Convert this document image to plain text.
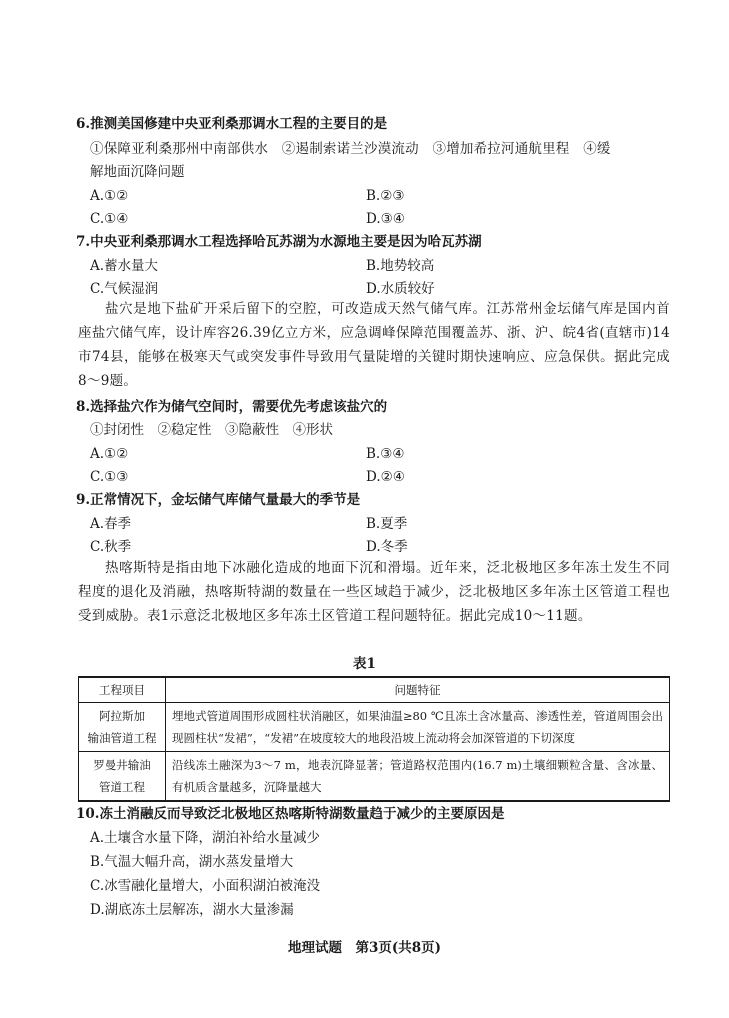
6.推测美国修建中央亚利桑那调水工程的主要目的是
①保障亚利桑那州中南部供水　②遏制索诺兰沙漠流动　③增加希拉河通航里程　④缓
解地面沉降问题
A.①②	B.②③
C.①④	D.③④
7.中央亚利桑那调水工程选择哈瓦苏湖为水源地主要是因为哈瓦苏湖
A.蓄水量大	B.地势较高
C.气候湿润	D.水质较好
盐穴是地下盐矿开采后留下的空腔，可改造成天然气储气库。江苏常州金坛储气库是国内首座盐穴储气库，设计库容26.39亿立方米，应急调峰保障范围覆盖苏、浙、沪、皖4省(直辖市)14市74县，能够在极寒天气或突发事件导致用气量陡增的关键时期快速响应、应急保供。据此完成8～9题。
8.选择盐穴作为储气空间时，需要优先考虑该盐穴的
①封闭性　②稳定性　③隐蔽性　④形状
A.①②	B.③④
C.①③	D.②④
9.正常情况下，金坛储气库储气量最大的季节是
A.春季	B.夏季
C.秋季	D.冬季
热喀斯特是指由地下冰融化造成的地面下沉和滑塌。近年来，泛北极地区多年冻土发生不同程度的退化及消融，热喀斯特湖的数量在一些区域趋于减少，泛北极地区多年冻土区管道工程也受到威胁。表1示意泛北极地区多年冻土区管道工程问题特征。据此完成10～11题。
表1
工程项目	问题特征

阿拉斯加
输油管道工程	埋地式管道周围形成圆柱状消融区，如果油温≥80 ℃且冻土含冰量高、渗透性差，管道周围会出现圆柱状“发裙”，“发裙”在坡度较大的地段沿坡上流动将会加深管道的下切深度

罗曼井输油
管道工程	沿线冻土融深为3～7 m，地表沉降显著；管道路权范围内(16.7 m)土壤细颗粒含量、含冰量、有机质含量越多，沉降量越大
10.冻土消融反而导致泛北极地区热喀斯特湖数量趋于减少的主要原因是
A.土壤含水量下降，湖泊补给水量减少
B.气温大幅升高，湖水蒸发量增大
C.冰雪融化量增大，小面积湖泊被淹没
D.湖底冻土层解冻，湖水大量渗漏
地理试题　第3页(共8页)
